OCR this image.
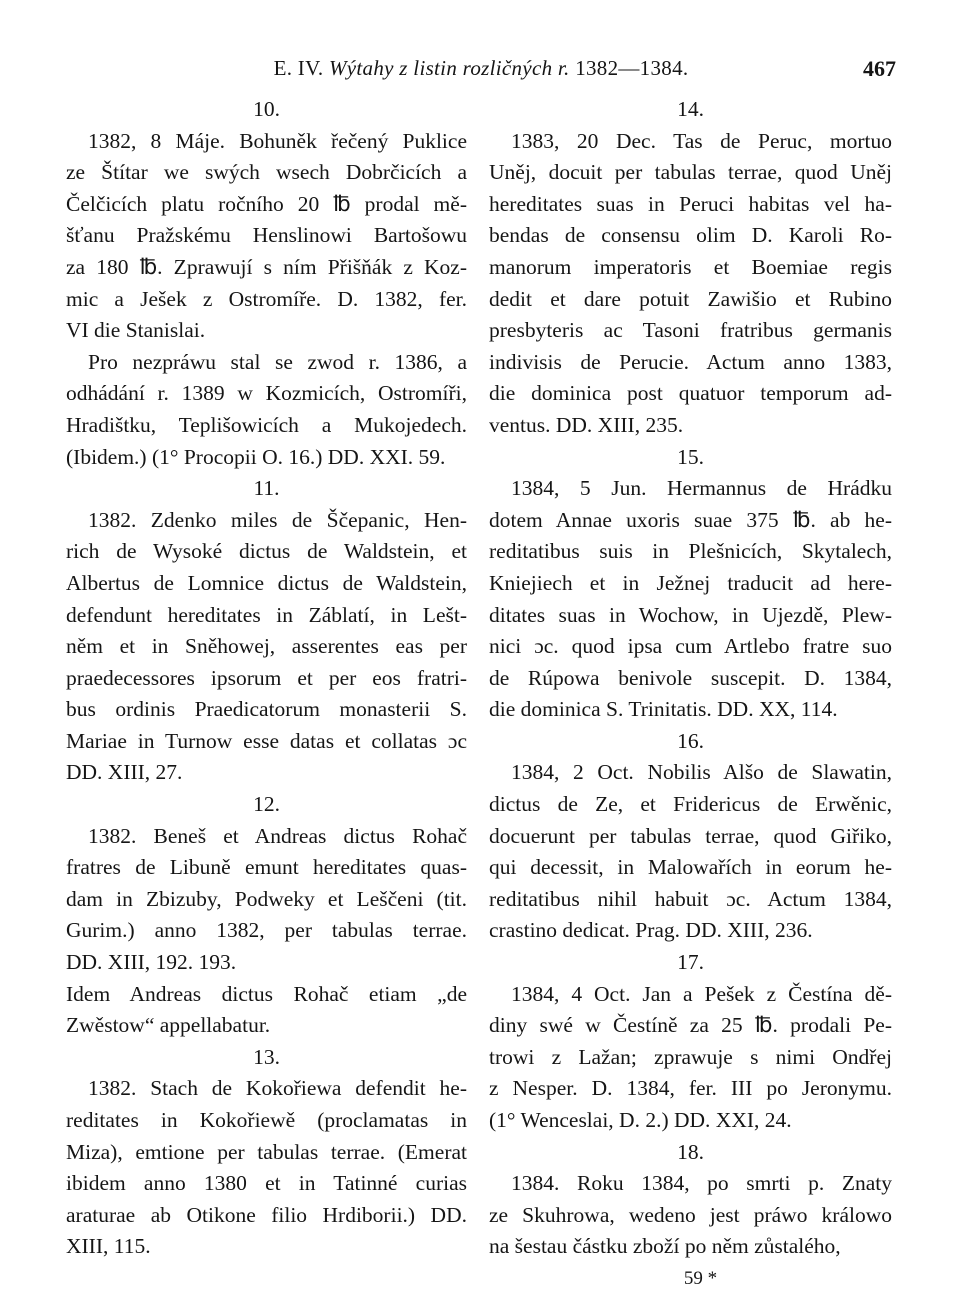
E. IV. Wýtahy z listin rozličných r. 1382—1384.	467

10.

1382, 8 Máje. Bohuněk řečený Puklice
ze Štítar we swých wsech Dobrčicích a
Čelčicích platu ročního 20 ℔ prodal mě-
šťanu Pražskému Henslinowi Bartošowu
za 180 ℔. Zprawují s ním Přišňák z Koz-
mic a Ješek z Ostromíře. D. 1382, fer.
VI die Stanislai.

Pro nezpráwu stal se zwod r. 1386, a
odhádání r. 1389 w Kozmicích, Ostromíři,
Hradištku, Teplišowicích a Mukojedech.
(Ibidem.) (1° Procopii O. 16.) DD. XXI. 59.

11.

1382. Zdenko miles de Ščepanic, Hen-
rich de Wysoké dictus de Waldstein, et
Albertus de Lomnice dictus de Waldstein,
defendunt hereditates in Záblatí, in Lešt-
něm et in Sněhowej, asserentes eas per
praedecessores ipsorum et per eos fratri-
bus ordinis Praedicatorum monasterii S.
Mariae in Turnow esse datas et collatas ɔc
DD. XIII, 27.

12.

1382. Beneš et Andreas dictus Rohač
fratres de Libuně emunt hereditates quas-
dam in Zbizuby, Podweky et Leščeni (tit.
Gurim.) anno 1382, per tabulas terrae.
DD. XIII, 192. 193.

Idem Andreas dictus Rohač etiam „de
Zwěstow“ appellabatur.

13.

1382. Stach de Kokořiewa defendit he-
reditates in Kokořiewě (proclamatas in
Miza), emtione per tabulas terrae. (Emerat
ibidem anno 1380 et in Tatinné curias
araturae ab Otikone filio Hrdiborii.) DD.
XIII, 115.

14.

1383, 20 Dec. Tas de Peruc, mortuo
Uněj, docuit per tabulas terrae, quod Uněj
hereditates suas in Peruci habitas vel ha-
bendas de consensu olim D. Karoli Ro-
manorum imperatoris et Boemiae regis
dedit et dare potuit Zawišio et Rubino
presbyteris ac Tasoni fratribus germanis
indivisis de Perucie. Actum anno 1383,
die dominica post quatuor temporum ad-
ventus. DD. XIII, 235.

15.

1384, 5 Jun. Hermannus de Hrádku
dotem Annae uxoris suae 375 ℔. ab he-
reditatibus suis in Plešnicích, Skytalech,
Kniejiech et in Ježnej traducit ad here-
ditates suas in Wochow, in Ujezdě, Plew-
nici ɔc. quod ipsa cum Artlebo fratre suo
de Rúpowa benivole suscepit. D. 1384,
die dominica S. Trinitatis. DD. XX, 114.

16.

1384, 2 Oct. Nobilis Alšo de Slawatin,
dictus de Ze, et Fridericus de Erwěnic,
docuerunt per tabulas terrae, quod Giřiko,
qui decessit, in Malowařích in eorum he-
reditatibus nihil habuit ɔc. Actum 1384,
crastino dedicat. Prag. DD. XIII, 236.

17.

1384, 4 Oct. Jan a Pešek z Čestína dě-
diny swé w Čestíně za 25 ℔. prodali Pe-
trowi z Lažan; zprawuje s nimi Ondřej
z Nesper. D. 1384, fer. III po Jeronymu.
(1° Wenceslai, D. 2.) DD. XXI, 24.

18.

1384. Roku 1384, po smrti p. Znaty
ze Skuhrowa, wedeno jest práwo králowo
na šestau částku zboží po něm zůstalého,

59 *
